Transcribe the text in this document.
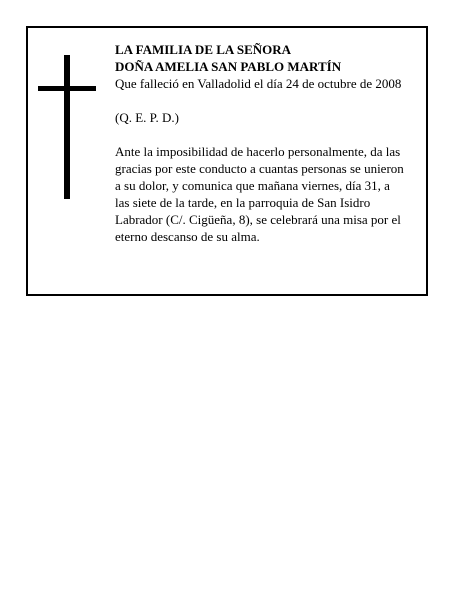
LA FAMILIA DE LA SEÑORA

DOÑA AMELIA SAN PABLO MARTÍN

Que falleció en Valladolid el día 24 de octubre de 2008

(Q. E. P. D.)

Ante la imposibilidad de hacerlo personalmente, da las

gracias por este conducto a cuantas personas se unieron

a su dolor, y comunica que mañana viernes, día 31, a

las siete de la tarde, en la parroquia de San Isidro

Labrador (C/. Cigüeña, 8), se celebrará una misa por el

eterno descanso de su alma.
